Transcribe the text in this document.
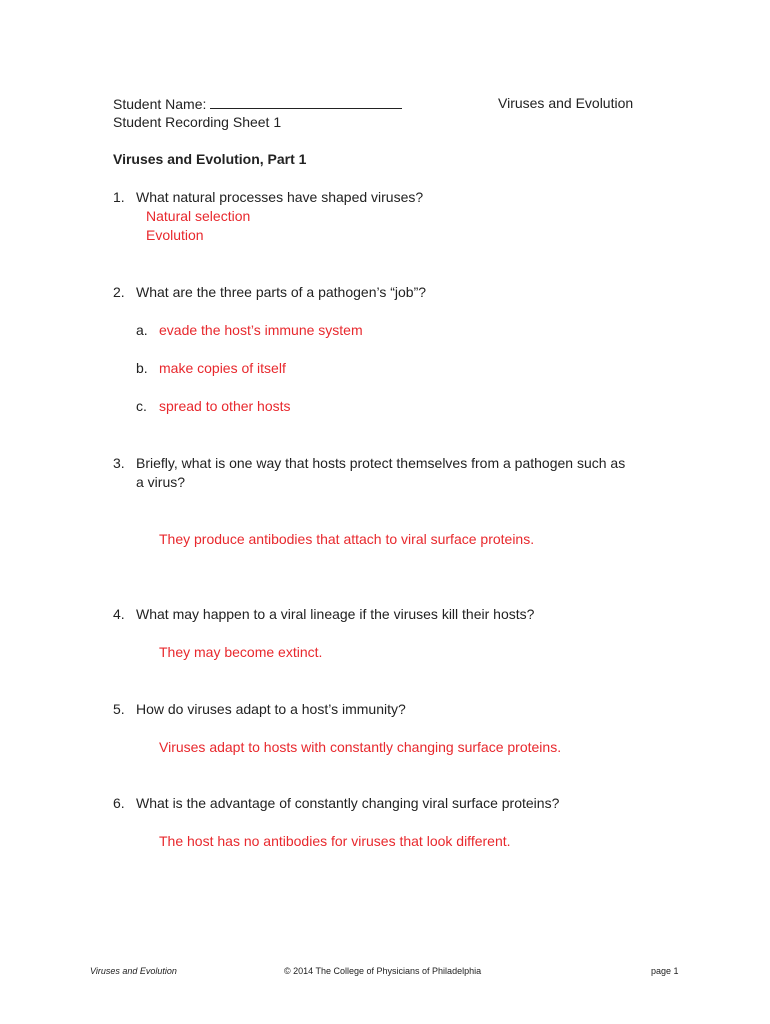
Student Name:	Viruses and Evolution
Student Recording Sheet 1
Viruses and Evolution, Part 1
1. What natural processes have shaped viruses?
Natural selection
Evolution
2. What are the three parts of a pathogen’s “job”?
a. evade the host’s immune system
b. make copies of itself
c. spread to other hosts
3. Briefly, what is one way that hosts protect themselves from a pathogen such as
a virus?
They produce antibodies that attach to viral surface proteins.
4. What may happen to a viral lineage if the viruses kill their hosts?
They may become extinct.
5. How do viruses adapt to a host’s immunity?
Viruses adapt to hosts with constantly changing surface proteins.
6. What is the advantage of constantly changing viral surface proteins?
The host has no antibodies for viruses that look different.
Viruses and Evolution	© 2014 The College of Physicians of Philadelphia	page 1
